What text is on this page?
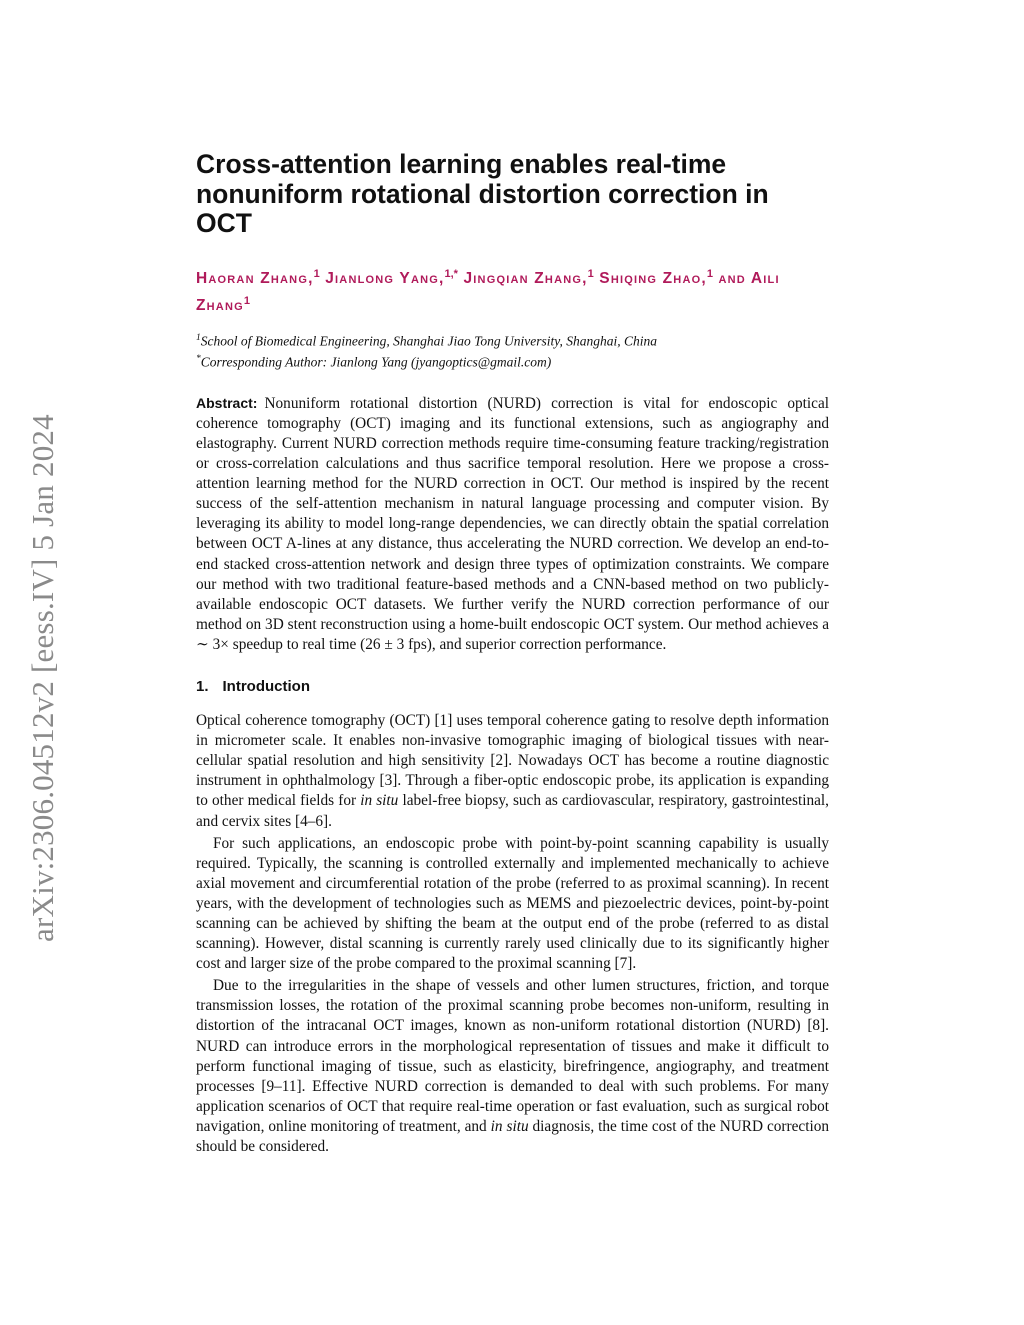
arXiv:2306.04512v2 [eess.IV] 5 Jan 2024
Cross-attention learning enables real-time nonuniform rotational distortion correction in OCT
Haoran Zhang,$^1$ Jianlong Yang,$^{1,*}$ Jingqian Zhang,$^1$ Shiqing Zhao,$^1$ and Aili Zhang$^1$
$^1$School of Biomedical Engineering, Shanghai Jiao Tong University, Shanghai, China
*Corresponding Author: Jianlong Yang (jyangoptics@gmail.com)

Abstract: Nonuniform rotational distortion (NURD) correction is vital for endoscopic optical coherence tomography (OCT) imaging and its functional extensions, such as angiography and elastography. Current NURD correction methods require time-consuming feature tracking/registration or cross-correlation calculations and thus sacrifice temporal resolution. Here we propose a cross-attention learning method for the NURD correction in OCT. Our method is inspired by the recent success of the self-attention mechanism in natural language processing and computer vision. By leveraging its ability to model long-range dependencies, we can directly obtain the spatial correlation between OCT A-lines at any distance, thus accelerating the NURD correction. We develop an end-to-end stacked cross-attention network and design three types of optimization constraints. We compare our method with two traditional feature-based methods and a CNN-based method on two publicly-available endoscopic OCT datasets. We further verify the NURD correction performance of our method on 3D stent reconstruction using a home-built endoscopic OCT system. Our method achieves a ∼ 3× speedup to real time (26 ± 3 fps), and superior correction performance.

1. Introduction

Optical coherence tomography (OCT) [1] uses temporal coherence gating to resolve depth information in micrometer scale. It enables non-invasive tomographic imaging of biological tissues with near-cellular spatial resolution and high sensitivity [2]. Nowadays OCT has become a routine diagnostic instrument in ophthalmology [3]. Through a fiber-optic endoscopic probe, its application is expanding to other medical fields for in situ label-free biopsy, such as cardiovascular, respiratory, gastrointestinal, and cervix sites [4–6].

For such applications, an endoscopic probe with point-by-point scanning capability is usually required. Typically, the scanning is controlled externally and implemented mechanically to achieve axial movement and circumferential rotation of the probe (referred to as proximal scanning). In recent years, with the development of technologies such as MEMS and piezoelectric devices, point-by-point scanning can be achieved by shifting the beam at the output end of the probe (referred to as distal scanning). However, distal scanning is currently rarely used clinically due to its significantly higher cost and larger size of the probe compared to the proximal scanning [7].

Due to the irregularities in the shape of vessels and other lumen structures, friction, and torque transmission losses, the rotation of the proximal scanning probe becomes non-uniform, resulting in distortion of the intracanal OCT images, known as non-uniform rotational distortion (NURD) [8]. NURD can introduce errors in the morphological representation of tissues and make it difficult to perform functional imaging of tissue, such as elasticity, birefringence, angiography, and treatment processes [9–11]. Effective NURD correction is demanded to deal with such problems. For many application scenarios of OCT that require real-time operation or fast evaluation, such as surgical robot navigation, online monitoring of treatment, and in situ diagnosis, the time cost of the NURD correction should be considered.
